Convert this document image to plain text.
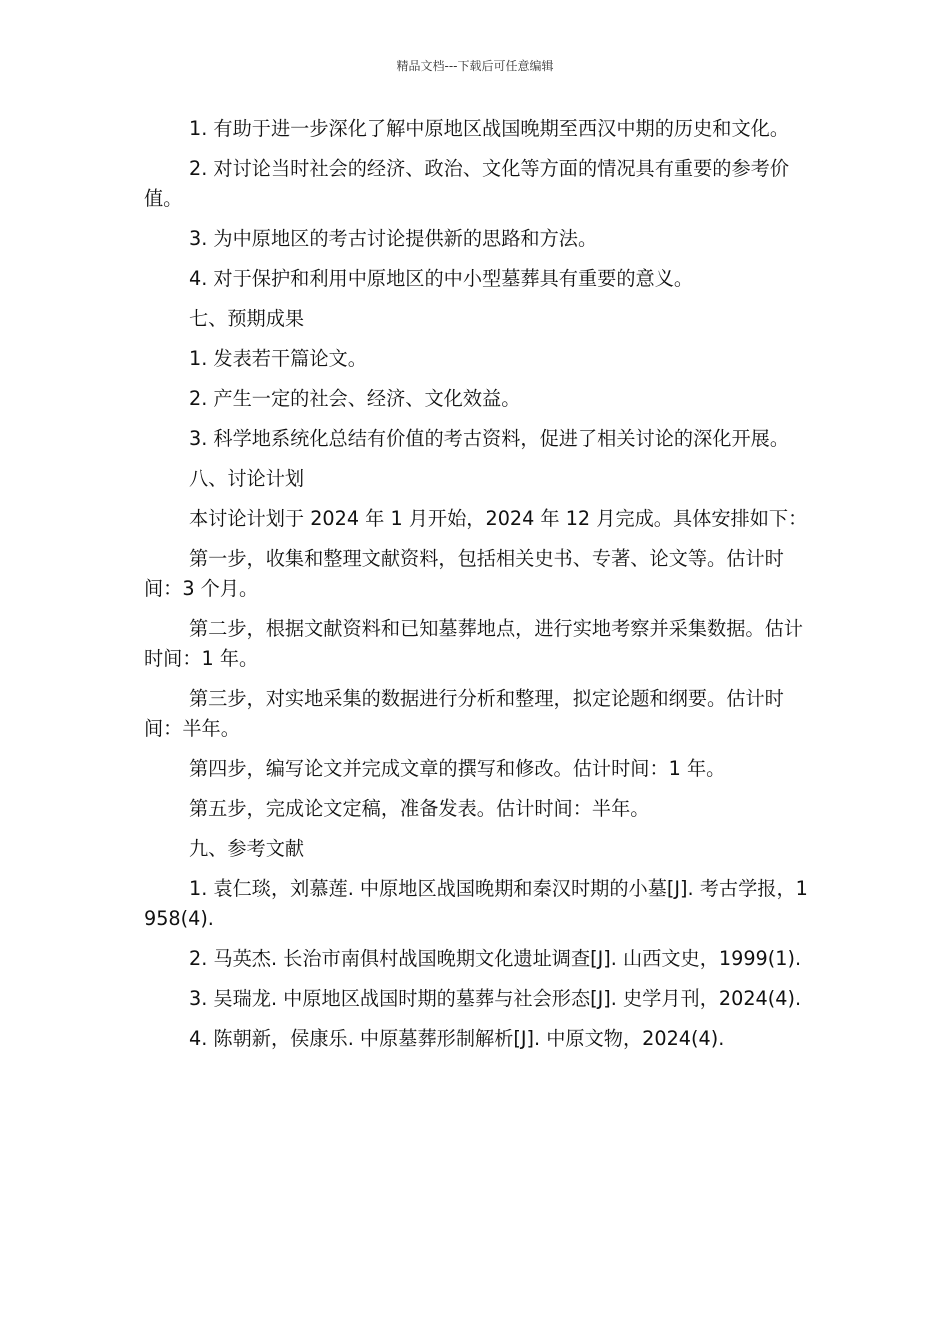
精品文档---下载后可任意编辑

1. 有助于进一步深化了解中原地区战国晚期至西汉中期的历史和文化。

2. 对讨论当时社会的经济、政治、文化等方面的情况具有重要的参考价值。

3. 为中原地区的考古讨论提供新的思路和方法。

4. 对于保护和利用中原地区的中小型墓葬具有重要的意义。

七、预期成果

1. 发表若干篇论文。

2. 产生一定的社会、经济、文化效益。

3. 科学地系统化总结有价值的考古资料，促进了相关讨论的深化开展。

八、讨论计划

本讨论计划于 2024 年 1 月开始，2024 年 12 月完成。具体安排如下：

第一步，收集和整理文献资料，包括相关史书、专著、论文等。估计时间：3 个月。

第二步，根据文献资料和已知墓葬地点，进行实地考察并采集数据。估计时间：1 年。

第三步，对实地采集的数据进行分析和整理，拟定论题和纲要。估计时间：半年。

第四步，编写论文并完成文章的撰写和修改。估计时间：1 年。

第五步，完成论文定稿，准备发表。估计时间：半年。

九、参考文献

1. 袁仁琰，刘慕莲. 中原地区战国晚期和秦汉时期的小墓[J]. 考古学报，1958(4).

2. 马英杰. 长治市南俱村战国晚期文化遗址调查[J]. 山西文史，1999(1).

3. 吴瑞龙. 中原地区战国时期的墓葬与社会形态[J]. 史学月刊，2024(4).

4. 陈朝新，侯康乐. 中原墓葬形制解析[J]. 中原文物，2024(4).
